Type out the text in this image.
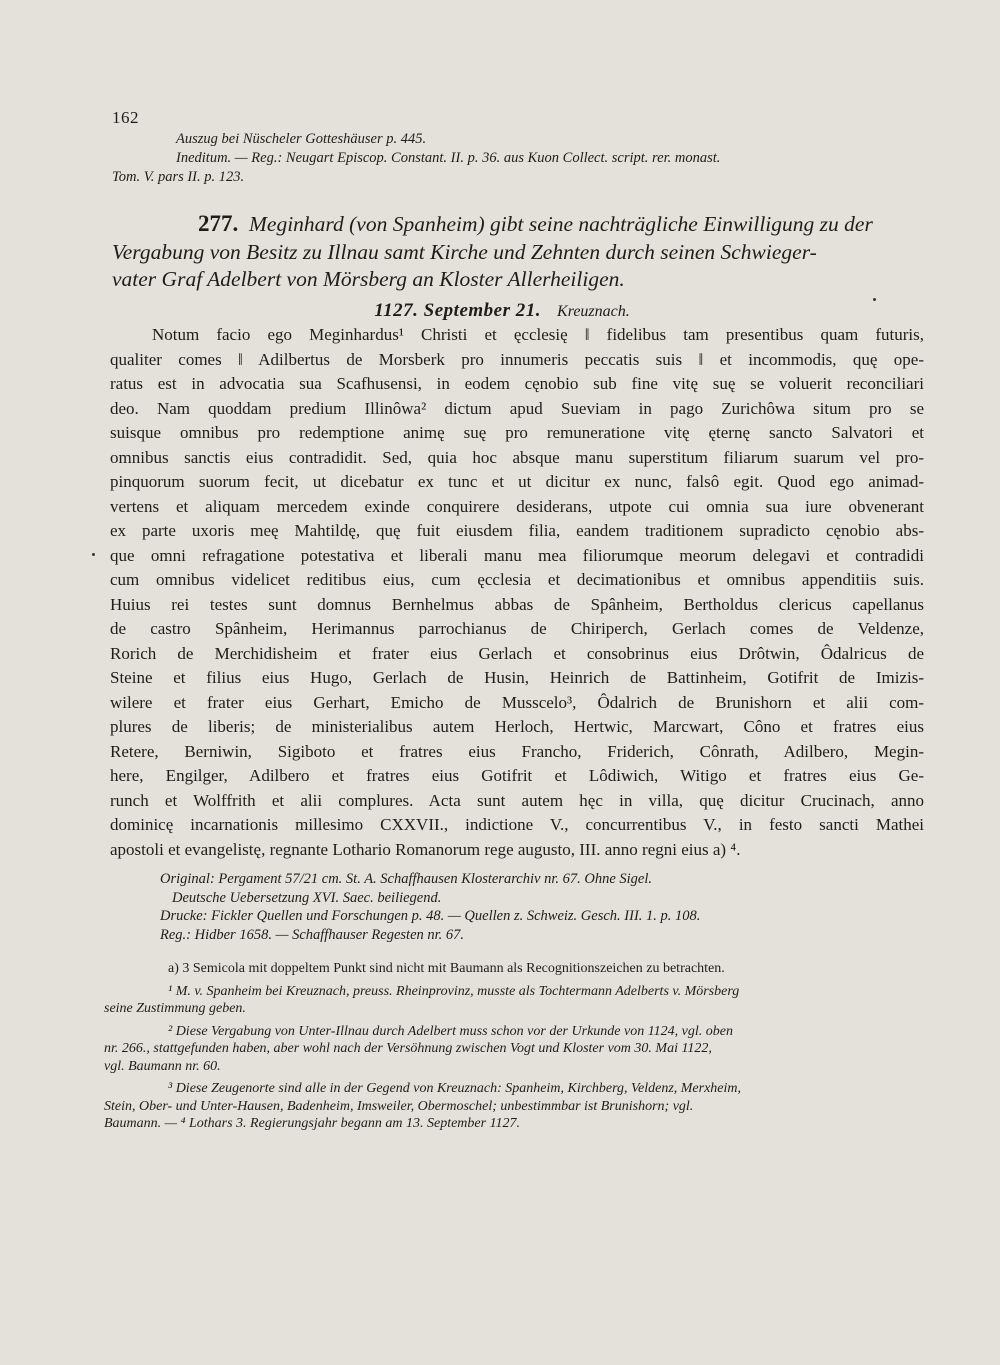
162
Auszug bei Nüscheler Gotteshäuser p. 445.
Ineditum. — Reg.: Neugart Episcop. Constant. II. p. 36. aus Kuon Collect. script. rer. monast.
Tom. V. pars II. p. 123.
277. Meginhard (von Spanheim) gibt seine nachträgliche Einwilligung zu der
Vergabung von Besitz zu Illnau samt Kirche und Zehnten durch seinen Schwieger-
vater Graf Adelbert von Mörsberg an Kloster Allerheiligen.
1127. September 21. Kreuznach.
Notum facio ego Meginhardus¹ Christi et ęcclesię ‖ fidelibus tam presentibus quam futuris,
qualiter comes ‖ Adilbertus de Morsberk pro innumeris peccatis suis ‖ et incommodis, quę ope-
ratus est in advocatia sua Scafhusensi, in eodem cęnobio sub fine vitę suę se voluerit reconciliari
deo. Nam quoddam predium Illinôwa² dictum apud Sueviam in pago Zurichôwa situm pro se
suisque omnibus pro redemptione animę suę pro remuneratione vitę ęternę sancto Salvatori et
omnibus sanctis eius contradidit. Sed, quia hoc absque manu superstitum filiarum suarum vel pro-
pinquorum suorum fecit, ut dicebatur ex tunc et ut dicitur ex nunc, falsô egit. Quod ego animad-
vertens et aliquam mercedem exinde conquirere desiderans, utpote cui omnia sua iure obvenerant
ex parte uxoris meę Mahtildę, quę fuit eiusdem filia, eandem traditionem supradicto cęnobio abs-
que omni refragatione potestativa et liberali manu mea filiorumque meorum delegavi et contradidi
cum omnibus videlicet reditibus eius, cum ęcclesia et decimationibus et omnibus appenditiis suis.
Huius rei testes sunt domnus Bernhelmus abbas de Spânheim, Bertholdus clericus capellanus
de castro Spânheim, Herimannus parrochianus de Chiriperch, Gerlach comes de Veldenze,
Rorich de Merchidisheim et frater eius Gerlach et consobrinus eius Drôtwin, Ôdalricus de
Steine et filius eius Hugo, Gerlach de Husin, Heinrich de Battinheim, Gotifrit de Imizis-
wilere et frater eius Gerhart, Emicho de Musscelo³, Ôdalrich de Brunishorn et alii com-
plures de liberis; de ministerialibus autem Herloch, Hertwic, Marcwart, Côno et fratres eius
Retere, Berniwin, Sigiboto et fratres eius Francho, Friderich, Cônrath, Adilbero, Megin-
here, Engilger, Adilbero et fratres eius Gotifrit et Lôdiwich, Witigo et fratres eius Ge-
runch et Wolffrith et alii complures. Acta sunt autem hęc in villa, quę dicitur Crucinach, anno
dominicę incarnationis millesimo CXXVII., indictione V., concurrentibus V., in festo sancti Mathei
apostoli et evangelistę, regnante Lothario Romanorum rege augusto, III. anno regni eius a) ⁴.
Original: Pergament 57/21 cm. St. A. Schaffhausen Klosterarchiv nr. 67. Ohne Sigel.
Deutsche Uebersetzung XVI. Saec. beiliegend.
Drucke: Fickler Quellen und Forschungen p. 48. — Quellen z. Schweiz. Gesch. III. 1. p. 108.
Reg.: Hidber 1658. — Schaffhauser Regesten nr. 67.
a) 3 Semicola mit doppeltem Punkt sind nicht mit Baumann als Recognitionszeichen zu betrachten.
¹ M. v. Spanheim bei Kreuznach, preuss. Rheinprovinz, musste als Tochtermann Adelberts v. Mörsberg
seine Zustimmung geben.
² Diese Vergabung von Unter-Illnau durch Adelbert muss schon vor der Urkunde von 1124, vgl. oben
nr. 266., stattgefunden haben, aber wohl nach der Versöhnung zwischen Vogt und Kloster vom 30. Mai 1122,
vgl. Baumann nr. 60.
³ Diese Zeugenorte sind alle in der Gegend von Kreuznach: Spanheim, Kirchberg, Veldenz, Merxheim,
Stein, Ober- und Unter-Hausen, Badenheim, Imsweiler, Obermoschel; unbestimmbar ist Brunishorn; vgl.
Baumann. — ⁴ Lothars 3. Regierungsjahr begann am 13. September 1127.
